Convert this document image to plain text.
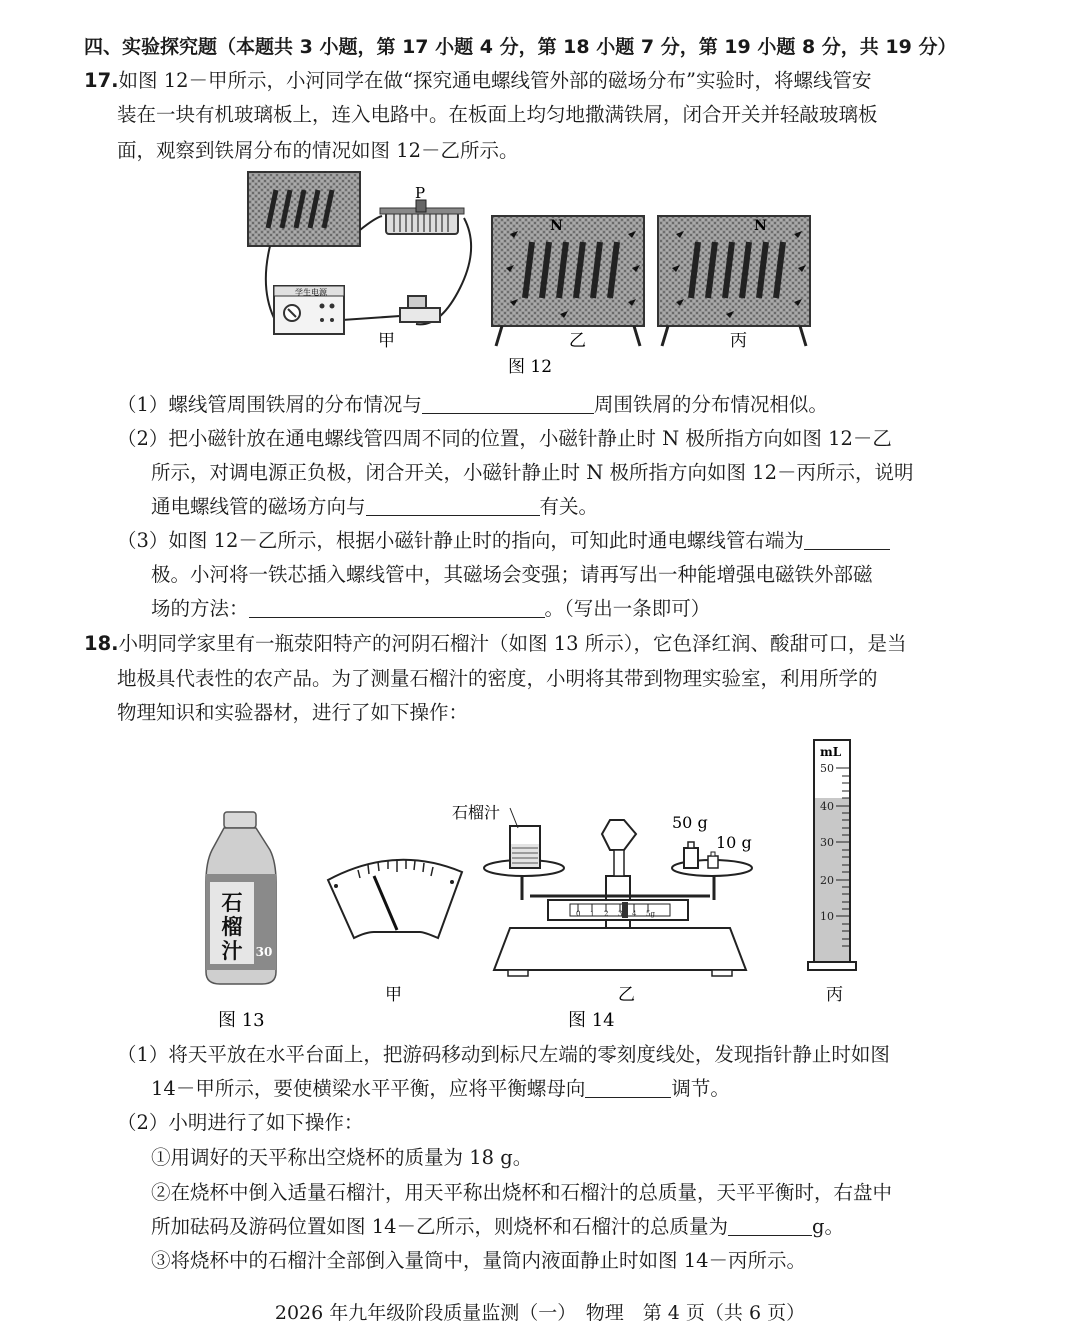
四、实验探究题（本题共 3 小题，第 17 小题 4 分，第 18 小题 7 分，第 19 小题 8 分，共 19 分）
17.如图 12－甲所示，小河同学在做“探究通电螺线管外部的磁场分布”实验时，将螺线管安
装在一块有机玻璃板上，连入电路中。在板面上均匀地撒满铁屑，闭合开关并轻敲玻璃板
面，观察到铁屑分布的情况如图 12－乙所示。
P
学生电源
甲
N
乙
N
丙
图 12
（1）螺线管周围铁屑的分布情况与	周围铁屑的分布情况相似。
（2）把小磁针放在通电螺线管四周不同的位置，小磁针静止时 N 极所指方向如图 12－乙
所示，对调电源正负极，闭合开关，小磁针静止时 N 极所指方向如图 12－丙所示，说明
通电螺线管的磁场方向与	有关。
（3）如图 12－乙所示，根据小磁针静止时的指向，可知此时通电螺线管右端为
极。小河将一铁芯插入螺线管中，其磁场会变强；请再写出一种能增强电磁铁外部磁
场的方法：	。（写出一条即可）
18.小明同学家里有一瓶荥阳特产的河阴石榴汁（如图 13 所示），它色泽红润、酸甜可口，是当
地极具代表性的农产品。为了测量石榴汁的密度，小明将其带到物理实验室，利用所学的
物理知识和实验器材，进行了如下操作：
石
榴
汁 30
图 13
甲
0 1 2 3 4 5g
石榴汁
50 g
10 g
乙
图 14
mL
50
40
30
20
10
丙
（1）将天平放在水平台面上，把游码移动到标尺左端的零刻度线处，发现指针静止时如图
14－甲所示，要使横梁水平平衡，应将平衡螺母向	调节。
（2）小明进行了如下操作：
①用调好的天平称出空烧杯的质量为 18 g。
②在烧杯中倒入适量石榴汁，用天平称出烧杯和石榴汁的总质量，天平平衡时，右盘中
所加砝码及游码位置如图 14－乙所示，则烧杯和石榴汁的总质量为	g。
③将烧杯中的石榴汁全部倒入量筒中，量筒内液面静止时如图 14－丙所示。
2026 年九年级阶段质量监测（一）　物理　第 4 页（共 6 页）
